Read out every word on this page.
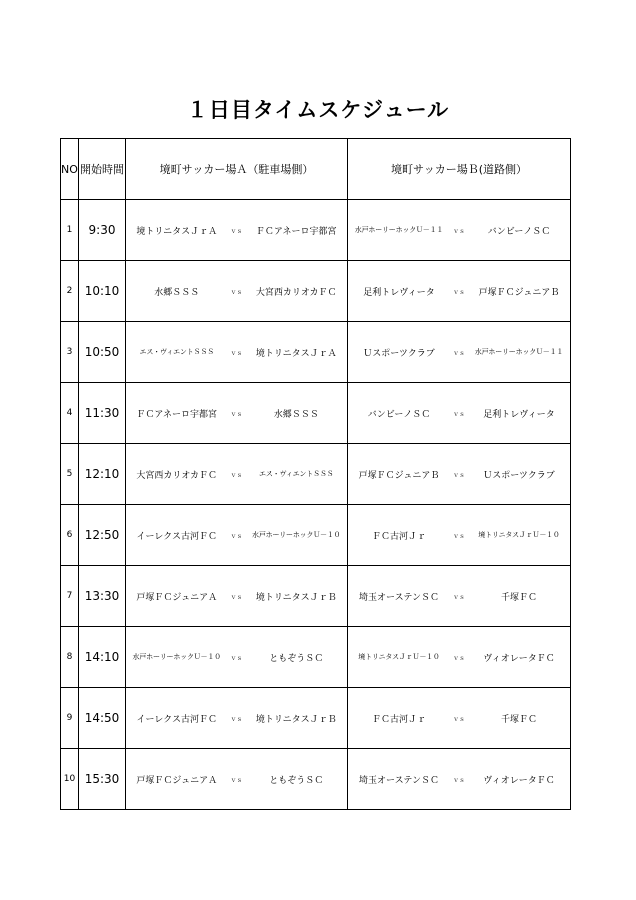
１日目タイムスケジュール
NO	開始時間	境町サッカー場Ａ（駐車場側）	境町サッカー場Ｂ(道路側）
1	9:30	境トリニタスＪｒＡ ｖｓ ＦＣアネーロ宇都宮	水戸ホーリーホックＵ－１１ ｖｓ バンビーノＳＣ

2	10:10	水郷ＳＳＳ ｖｓ 大宮西カリオカＦＣ	足利トレヴィータ ｖｓ 戸塚ＦＣジュニアＢ

3	10:50	エス・ヴィエントＳＳＳ ｖｓ 境トリニタスＪｒＡ	Ｕスポーツクラブ ｖｓ 水戸ホーリーホックＵ－１１

4	11:30	ＦＣアネーロ宇都宮 ｖｓ 水郷ＳＳＳ	バンビーノＳＣ ｖｓ 足利トレヴィータ

5	12:10	大宮西カリオカＦＣ ｖｓ エス・ヴィエントＳＳＳ	戸塚ＦＣジュニアＢ ｖｓ Ｕスポーツクラブ

6	12:50	イーレクス古河ＦＣ ｖｓ 水戸ホーリーホックＵ－１０	ＦＣ古河Ｊｒ ｖｓ 境トリニタスＪｒＵ－１０

7	13:30	戸塚ＦＣジュニアＡ ｖｓ 境トリニタスＪｒＢ	埼玉オーステンＳＣ ｖｓ 千塚ＦＣ

8	14:10	水戸ホーリーホックＵ－１０ ｖｓ ともぞうＳＣ	境トリニタスＪｒＵ－１０ ｖｓ ヴィオレータＦＣ

9	14:50	イーレクス古河ＦＣ ｖｓ 境トリニタスＪｒＢ	ＦＣ古河Ｊｒ ｖｓ 千塚ＦＣ

10	15:30	戸塚ＦＣジュニアＡ ｖｓ ともぞうＳＣ	埼玉オーステンＳＣ ｖｓ ヴィオレータＦＣ
